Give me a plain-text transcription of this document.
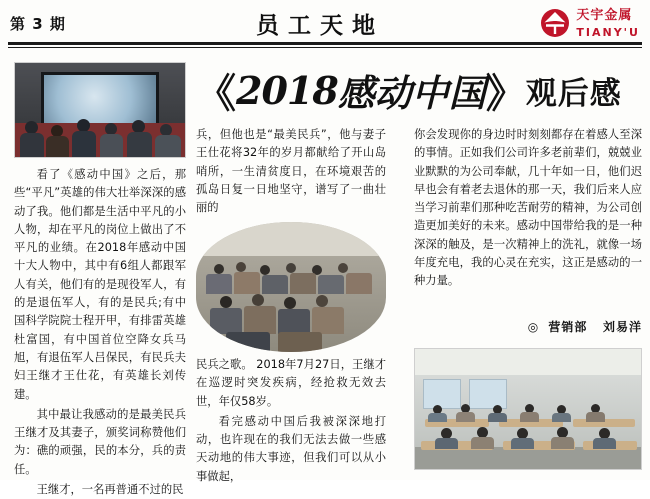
第 3 期	员工天地	天宇金属
TIANY'U
《 2018 感动中国 》 观后感

看了《感动中国》之后，那些“平凡”英雄的伟大壮举深深的感动了我。他们都是生活中平凡的小人物，却在平凡的岗位上做出了不平凡的业绩。在2018年感动中国十大人物中，其中有6组人都跟军人有关，他们有的是现役军人，有的是退伍军人，有的是民兵;有中国科学院院士程开甲，有排雷英雄杜富国，有中国首位空降女兵马旭，有退伍军人吕保民，有民兵夫妇王继才王仕花，有英雄长刘传建。

其中最让我感动的是最美民兵王继才及其妻子，颁奖词称赞他们为：礁的顽强，民的本分，兵的责任。

王继才，一名再普通不过的民

兵，但他也是“最美民兵”，他与妻子王仕花将32年的岁月都献给了开山岛哨所，一生清贫度日，在环境艰苦的孤岛日复一日地坚守，谱写了一曲壮丽的

民兵之歌。 2018年7月27日，王继才在巡逻时突发疾病，经抢救无效去世，年仅58岁。

看完感动中国后我被深深地打动，也许现在的我们无法去做一些感天动地的伟大事迹，但我们可以从小事做起，

你会发现你的身边时时刻刻都存在着感人至深的事情。正如我们公司许多老前辈们，兢兢业业默默的为公司奉献，几十年如一日，他们迟早也会有着老去退休的那一天，我们后来人应当学习前辈们那种吃苦耐劳的精神，为公司创造更加美好的未来。感动中国带给我的是一种深深的触及，是一次精神上的洗礼，就像一场年度充电，我的心灵在充实，这正是感动的一种力量。

◎ 营销部 刘易洋
